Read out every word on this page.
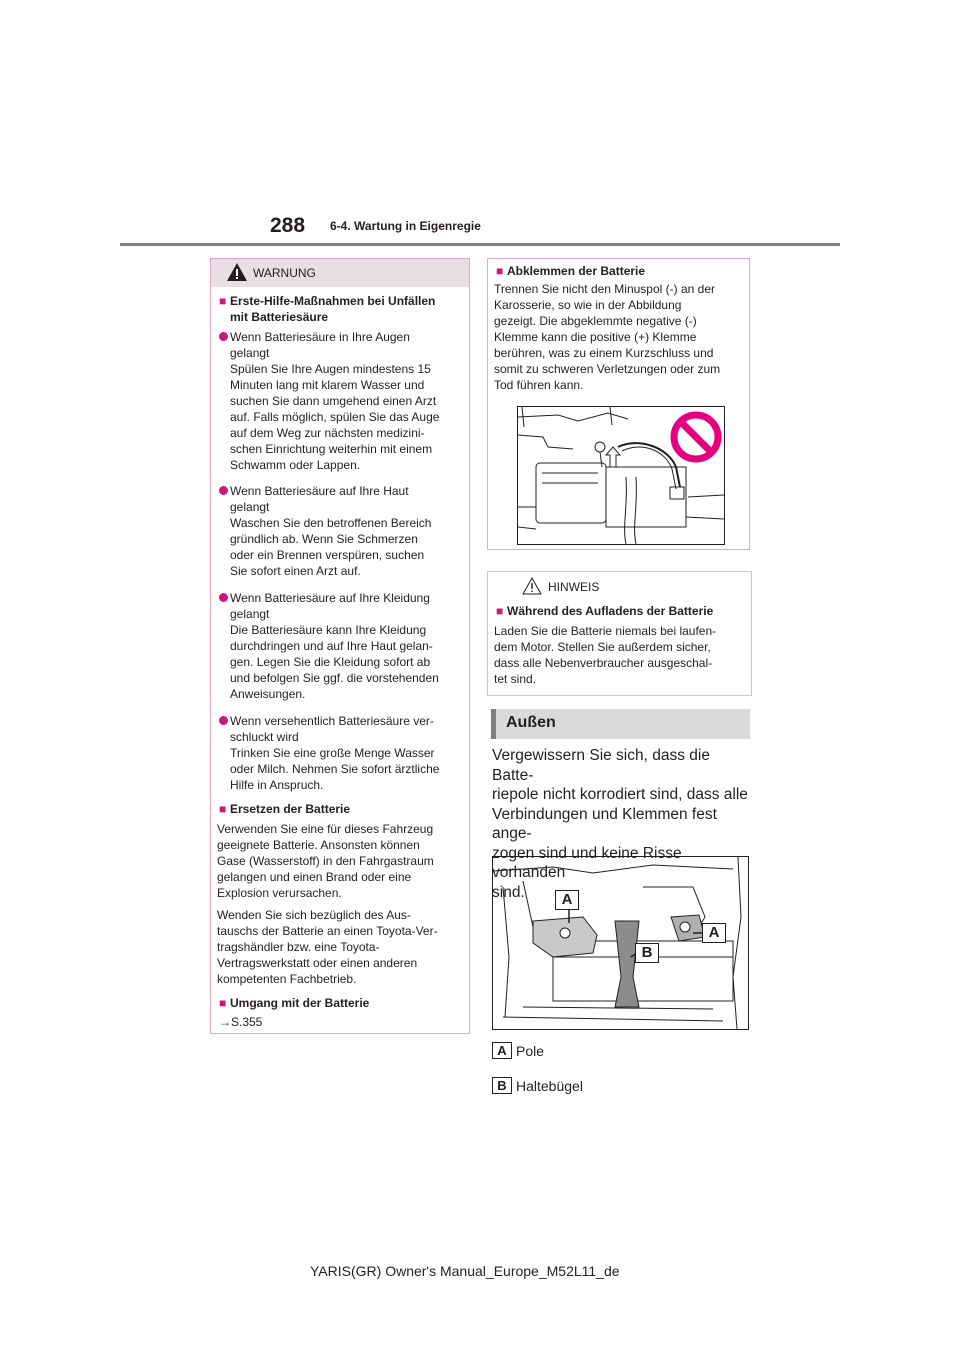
288 6-4. Wartung in Eigenregie
WARNUNG
■ Erste-Hilfe-Maßnahmen bei Unfällen
mit Batteriesäure
Wenn Batteriesäure in Ihre Augen
gelangt
Spülen Sie Ihre Augen mindestens 15
Minuten lang mit klarem Wasser und
suchen Sie dann umgehend einen Arzt
auf. Falls möglich, spülen Sie das Auge
auf dem Weg zur nächsten medizini-
schen Einrichtung weiterhin mit einem
Schwamm oder Lappen.
Wenn Batteriesäure auf Ihre Haut
gelangt
Waschen Sie den betroffenen Bereich
gründlich ab. Wenn Sie Schmerzen
oder ein Brennen verspüren, suchen
Sie sofort einen Arzt auf.
Wenn Batteriesäure auf Ihre Kleidung
gelangt
Die Batteriesäure kann Ihre Kleidung
durchdringen und auf Ihre Haut gelan-
gen. Legen Sie die Kleidung sofort ab
und befolgen Sie ggf. die vorstehenden
Anweisungen.
Wenn versehentlich Batteriesäure ver-
schluckt wird
Trinken Sie eine große Menge Wasser
oder Milch. Nehmen Sie sofort ärztliche
Hilfe in Anspruch.
■ Ersetzen der Batterie
Verwenden Sie eine für dieses Fahrzeug
geeignete Batterie. Ansonsten können
Gase (Wasserstoff) in den Fahrgastraum
gelangen und einen Brand oder eine
Explosion verursachen.
Wenden Sie sich bezüglich des Aus-
tauschs der Batterie an einen Toyota-Ver-
tragshändler bzw. eine Toyota-
Vertragswerkstatt oder einen anderen
kompetenten Fachbetrieb.
■ Umgang mit der Batterie
→S.355
■ Abklemmen der Batterie
Trennen Sie nicht den Minuspol (-) an der
Karosserie, so wie in der Abbildung
gezeigt. Die abgeklemmte negative (-)
Klemme kann die positive (+) Klemme
berühren, was zu einem Kurzschluss und
somit zu schweren Verletzungen oder zum
Tod führen kann.
HINWEIS
■ Während des Aufladens der Batterie
Laden Sie die Batterie niemals bei laufen-
dem Motor. Stellen Sie außerdem sicher,
dass alle Nebenverbraucher ausgeschal-
tet sind.
Außen
Vergewissern Sie sich, dass die Batte-
riepole nicht korrodiert sind, dass alle
Verbindungen und Klemmen fest ange-
zogen sind und keine Risse vorhanden
sind.	A
A
B
A Pole
B Haltebügel
YARIS(GR) Owner's Manual_Europe_M52L11_de
